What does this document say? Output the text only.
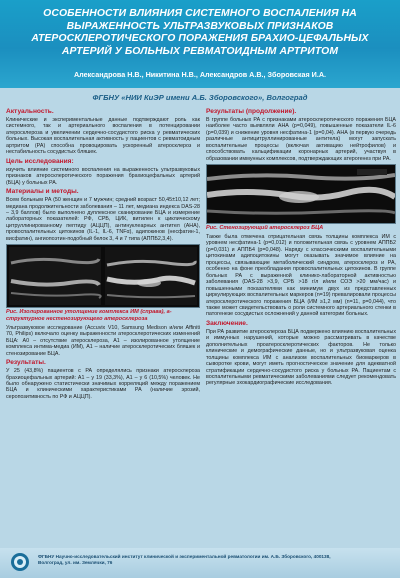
ОСОБЕННОСТИ ВЛИЯНИЯ СИСТЕМНОГО ВОСПАЛЕНИЯ НА ВЫРАЖЕННОСТЬ УЛЬТРАЗВУКОВЫХ ПРИЗНАКОВ АТЕРОСКЛЕРОТИЧЕСКОГО ПОРАЖЕНИЯ БРАХИО-ЦЕФАЛЬНЫХ АРТЕРИЙ У БОЛЬНЫХ РЕВМАТОИДНЫМ АРТРИТОМ
Александрова Н.В., Никитина Н.В., Александров А.В., Зборовская И.А.
ФГБНУ «НИИ КиЭР имени А.Б. Зборовского», Волгоград
Актуальность.
Клинические и экспериментальные данные подтверждают роль как системного, так и артериального воспаления в потенцировании атеросклероза и увеличении сердечно-сосудистого риска у ревматических больных. Высокая воспалительная активность у пациентов с ревматоидным артритом (РА) способна провоцировать ускоренный атеросклероз и нестабильность сосудистых бляшек.
Цель исследования:
изучить влияние системного воспаления на выраженность ультразвуковых признаков атеросклеротического поражения брахиоцефальных артерий (БЦА) у больных РА.
Материалы и методы.
Всем больным РА (50 женщин и 7 мужчин; средний возраст 50,45±10,12 лет; медиана продолжительности заболевания – 11 лет, медиана индекса DAS-28 – 3,9 баллов) было выполнено дуплексное сканирование БЦА и измерение лабораторных показателей: РФ, СРБ, ЦИК, витилен к циклическому цитруллинированному пептиду (АЦЦП), антинуклеарных антител (АНА), провоспалительных цитокинов (IL-1, IL-6, TNFα), адипокинов (несфатин-1, висфатин), ангиопоэтин-подобный белок 3, 4 и 7 типа (АППБ2,3,4).
Рис. Изолированное утолщение комплекса ИМ (справа), а-структурное нестенозирующего атеросклероза
Ультразвуковое исследование (Accuvix V10, Samsung Medison и/или Affiniti 70, Philips) включало оценку выраженности атеросклеротических изменений БЦА: А0 – отсутствие атеросклероза, А1 – изолированное утолщение комплекса интима-медиа (ИМ), А1 – наличие атеросклеротических бляшек и стенозирование БЦА.
Результаты.
У 25 (43,8%) пациентов с РА определялись признаки атеросклероза брахиоцефальных артерий: А1 – у 19 (33,3%), А1 – у 6 (10,5%) человек. Не было обнаружено статистически значимых корреляций между поражением БЦА и клиническими характеристиками РА (наличие эрозий, серопозитивность по РФ и АЦЦП).
Результаты (продолжение).
В группе больных РА с признаками атеросклеротического поражения БЦА наиболее часто выявляли АНА (р=0,049), повышенные показатели IL-6 (р=0,039) и снижение уровня несфатина-1 (р=0,04). АНА (в первую очередь различные антицитруллинированные антитела) могут запускать воспалительные процессы (включая активацию нейтрофилов) и способствовать кальцификации коронарных артерий, участвуя в образовании иммунных комплексов, подтверждающих атерогенез при РА.
Рис. Стенозирующий атеросклероз БЦА
Также была отмечена отрицательная связь толщины комплекса ИМ с уровнем несфатина-1 (р=0,012) и положительная связь с уровнем АППБ2 (р=0,031) и АППБ4 (р=0,048). Наряду с классическими воспалительными цитокинами адипоцитокины могут оказывать значимое влияние на процессы, связывающие метаболический синдром, атеросклероз и РА, особенно на фоне преобладания провоспалительных цитокинов. В группе больных РА с выраженной клинико-лабораторной активностью заболевания (DAS-28 >3,9, СРБ >18 г/л и/или СОЭ >20 мм/час) и повышенными показателями как минимум двух из представленных циркулирующих воспалительных маркеров (n=19) превалировали процессы атеросклеротического поражения БЦА (ИМ ≥1,2 мм) (n=11, р=0,044), что также может свидетельствовать о роли системного артериального стенки в патогенезе сосудистых осложнений у данной категории больных.
Заключение.
При РА развитие атеросклероза БЦА подвержено влиянию воспалительных и иммунных нарушений, которые можно рассматривать в качестве дополнительных проатеросклеротических факторов. Не только клинические и демографические данные, но и ультразвуковая оценка толщины комплекса ИМ с анализом воспалительных биомаркеров в сыворотке крови, могут иметь прогностическое значение для адекватной стратификации сердечно-сосудистого риска у больных РА. Пациентам с воспалительными ревматическими заболеваниями следует рекомендовать регулярные эхокардиографические исследования.
ФГБНУ Научно-исследовательский институт клинической и экспериментальной ревматологии им. А.Б. Зборовского, 400138, Волгоград, ул. им. Землячки, 76
